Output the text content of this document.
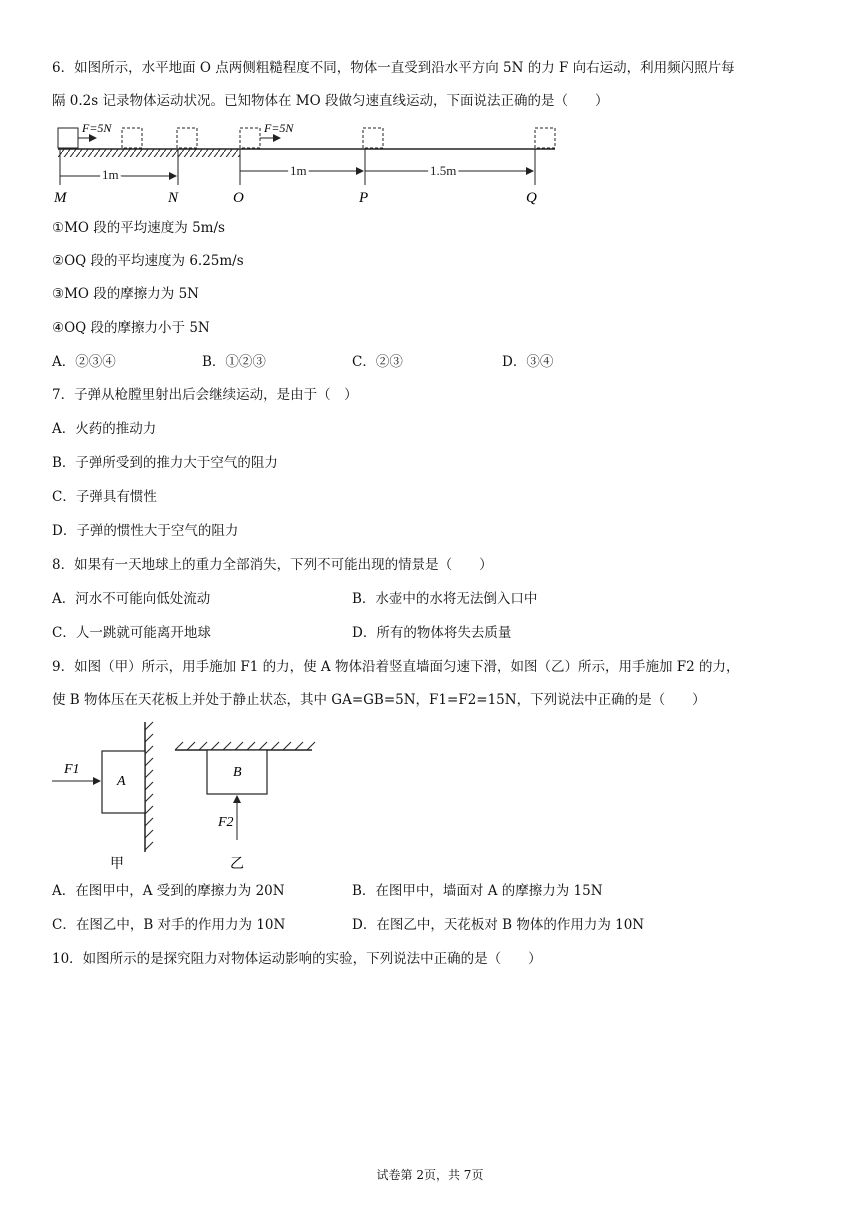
6．如图所示，水平地面 O 点两侧粗糙程度不同，物体一直受到沿水平方向 5N 的力 F 向右运动，利用频闪照片每
隔 0.2s 记录物体运动状况。已知物体在 MO 段做匀速直线运动，下面说法正确的是（　　）
F=5N	F=5N
1m	1m	1.5m
M	N	O	P	Q
①MO 段的平均速度为 5m/s
②OQ 段的平均速度为 6.25m/s
③MO 段的摩擦力为 5N
④OQ 段的摩擦力小于 5N
A．②③④	B．①②③	C．②③	D．③④
7．子弹从枪膛里射出后会继续运动，是由于（　）
A．火药的推动力
B．子弹所受到的推力大于空气的阻力
C．子弹具有惯性
D．子弹的惯性大于空气的阻力
8．如果有一天地球上的重力全部消失，下列不可能出现的情景是（　　）
A．河水不可能向低处流动	B．水壶中的水将无法倒入口中
C．人一跳就可能离开地球	D．所有的物体将失去质量
9．如图（甲）所示，用手施加 F1 的力，使 A 物体沿着竖直墙面匀速下滑，如图（乙）所示，用手施加 F2 的力，
使 B 物体压在天花板上并处于静止状态，其中 GA=GB=5N，F1=F2=15N，下列说法中正确的是（　　）
A
F1	B
F2
甲	乙
A．在图甲中，A 受到的摩擦力为 20N	B．在图甲中，墙面对 A 的摩擦力为 15N
C．在图乙中，B 对手的作用力为 10N	D．在图乙中，天花板对 B 物体的作用力为 10N
10．如图所示的是探究阻力对物体运动影响的实验，下列说法中正确的是（　　）
试卷第 2页，共 7页
